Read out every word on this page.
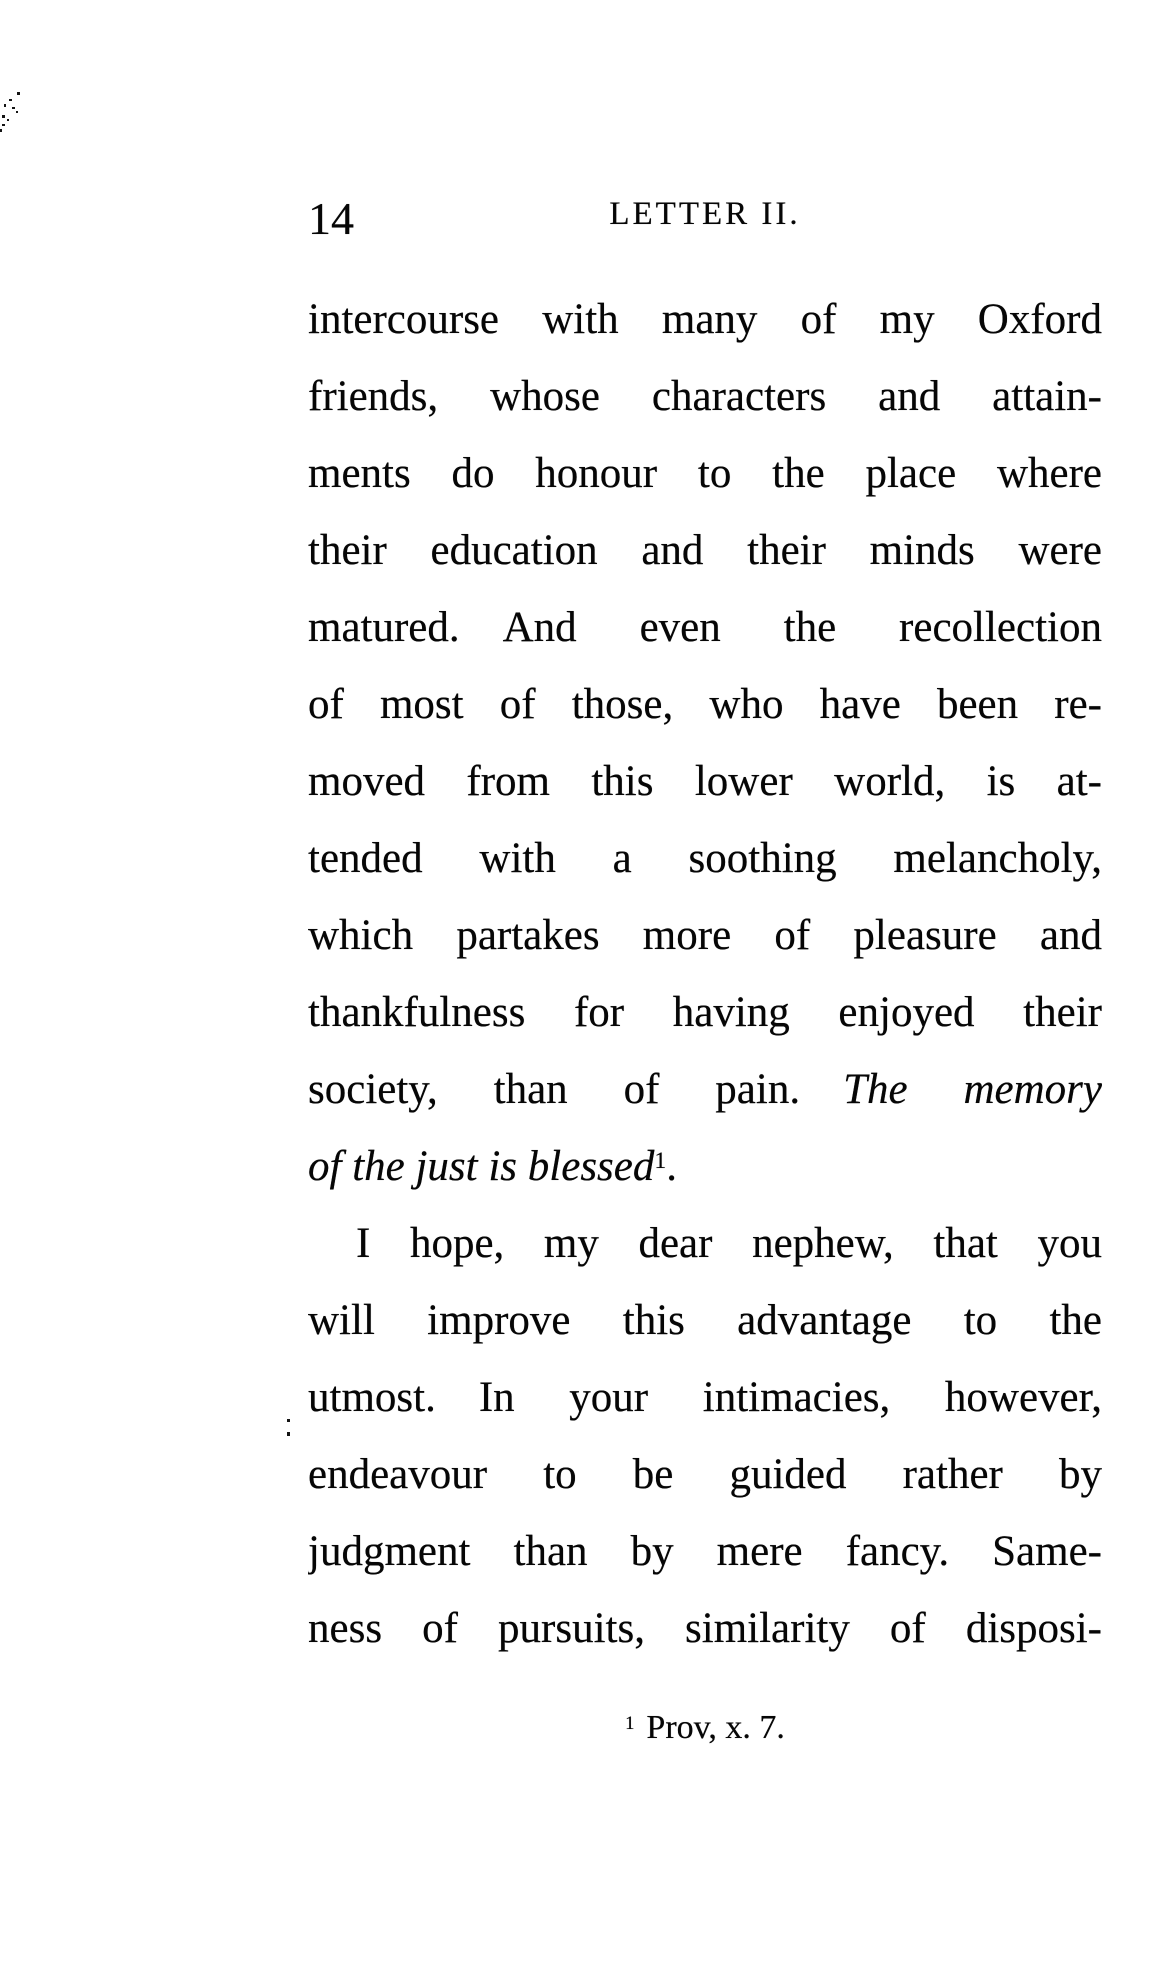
14	LETTER II.
intercourse with many of my Oxford
friends, whose characters and attain-
ments do honour to the place where
their education and their minds were
matured. And even the recollection
of most of those, who have been re-
moved from this lower world, is at-
tended with a soothing melancholy,
which partakes more of pleasure and
thankfulness for having enjoyed their
society, than of pain. The memory
of the just is blessed$^1$.
I hope, my dear nephew, that you
will improve this advantage to the
utmost. In your intimacies, however,
endeavour to be guided rather by
judgment than by mere fancy. Same-
ness of pursuits, similarity of disposi-
$^1$ Prov, x. 7.
